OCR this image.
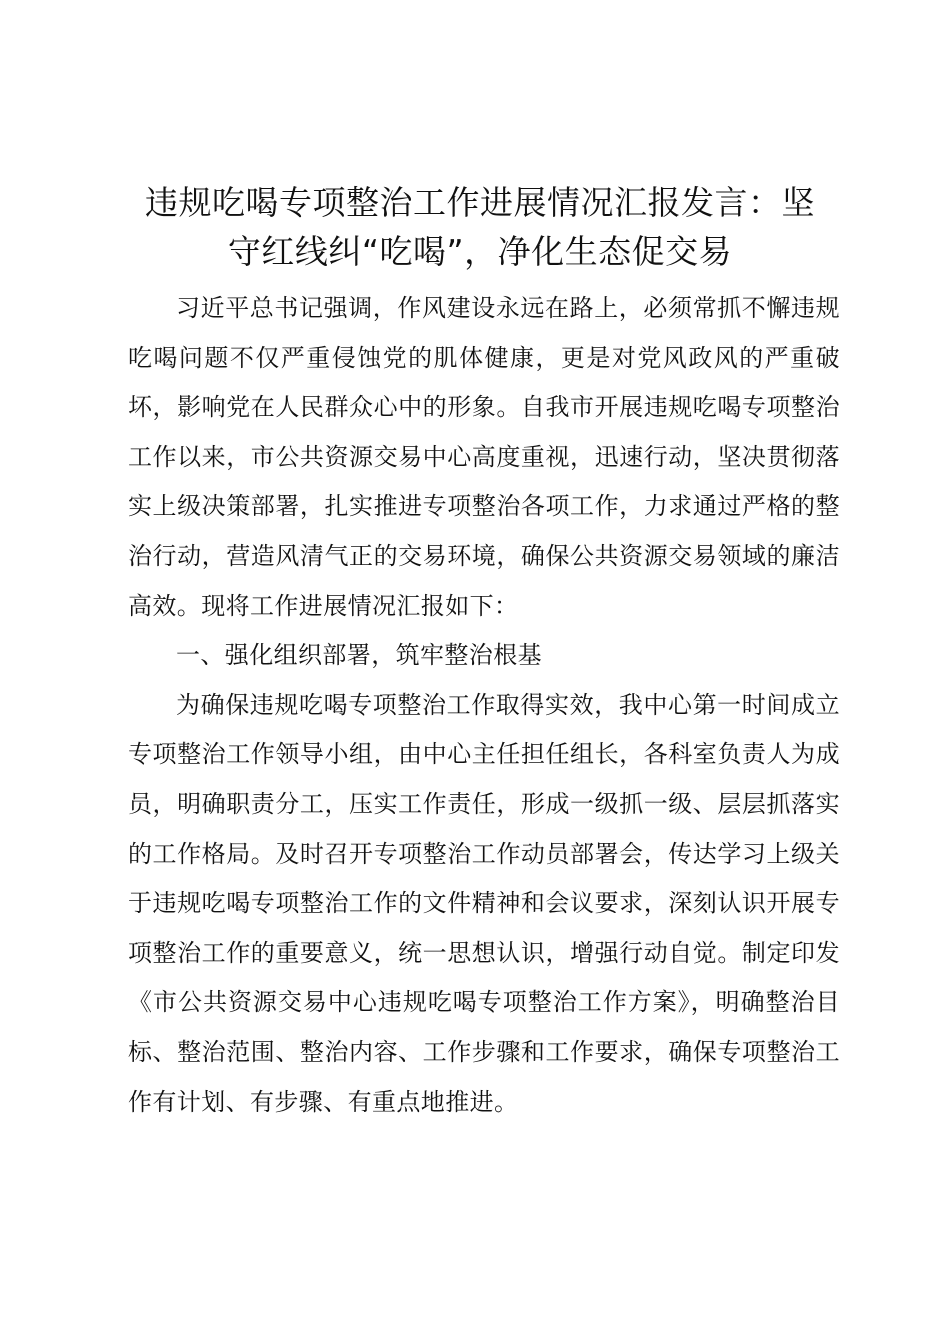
违规吃喝专项整治工作进展情况汇报发言：坚
守红线纠“吃喝”，净化生态促交易

习近平总书记强调，作风建设永远在路上，必须常抓不懈违规吃喝问题不仅严重侵蚀党的肌体健康，更是对党风政风的严重破坏，影响党在人民群众心中的形象。自我市开展违规吃喝专项整治工作以来，市公共资源交易中心高度重视，迅速行动，坚决贯彻落实上级决策部署，扎实推进专项整治各项工作，力求通过严格的整治行动，营造风清气正的交易环境，确保公共资源交易领域的廉洁高效。现将工作进展情况汇报如下：

一、强化组织部署，筑牢整治根基

为确保违规吃喝专项整治工作取得实效，我中心第一时间成立专项整治工作领导小组，由中心主任担任组长，各科室负责人为成员，明确职责分工，压实工作责任，形成一级抓一级、层层抓落实的工作格局。及时召开专项整治工作动员部署会，传达学习上级关于违规吃喝专项整治工作的文件精神和会议要求，深刻认识开展专项整治工作的重要意义，统一思想认识，增强行动自觉。制定印发《市公共资源交易中心违规吃喝专项整治工作方案》，明确整治目标、整治范围、整治内容、工作步骤和工作要求，确保专项整治工作有计划、有步骤、有重点地推进。
